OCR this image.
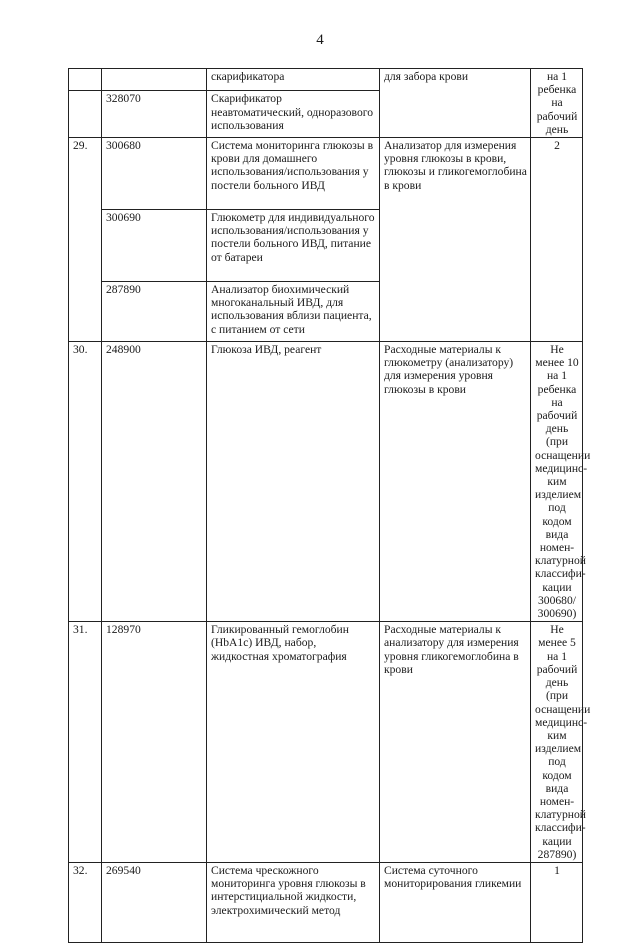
4
		скарификатора	для забора крови	на 1 ребенка на рабочий день
	328070	Скарификатор неавтоматический, одноразового использования		
29.	300680	Система мониторинга глюкозы в крови для домашнего использования/использования у постели больного ИВД	Анализатор для измерения уровня глюкозы в крови, глюкозы и гликогемоглобина в крови	2
	300690	Глюкометр для индивидуального использования/использования у постели больного ИВД, питание от батареи		
	287890	Анализатор биохимический многоканальный ИВД, для использования вблизи пациента, с питанием от сети		
30.	248900	Глюкоза ИВД, реагент	Расходные материалы к глюкометру (анализатору) для измерения уровня глюкозы в крови	Не менее 10 на 1 ребенка на рабочий день (при оснащении медицинс-ким изделием под кодом вида номен-клатурной классифи-кации 300680/ 300690)
31.	128970	Гликированный гемоглобин (HbA1c) ИВД, набор, жидкостная хроматография	Расходные материалы к анализатору для измерения уровня гликогемоглобина в крови	Не менее 5 на 1 рабочий день (при оснащении медицинс-ким изделием под кодом вида номен-клатурной классифи-кации 287890)
32.	269540	Система чрескожного мониторинга уровня глюкозы в интерстициальной жидкости, электрохимический метод	Система суточного мониторирования гликемии	1
